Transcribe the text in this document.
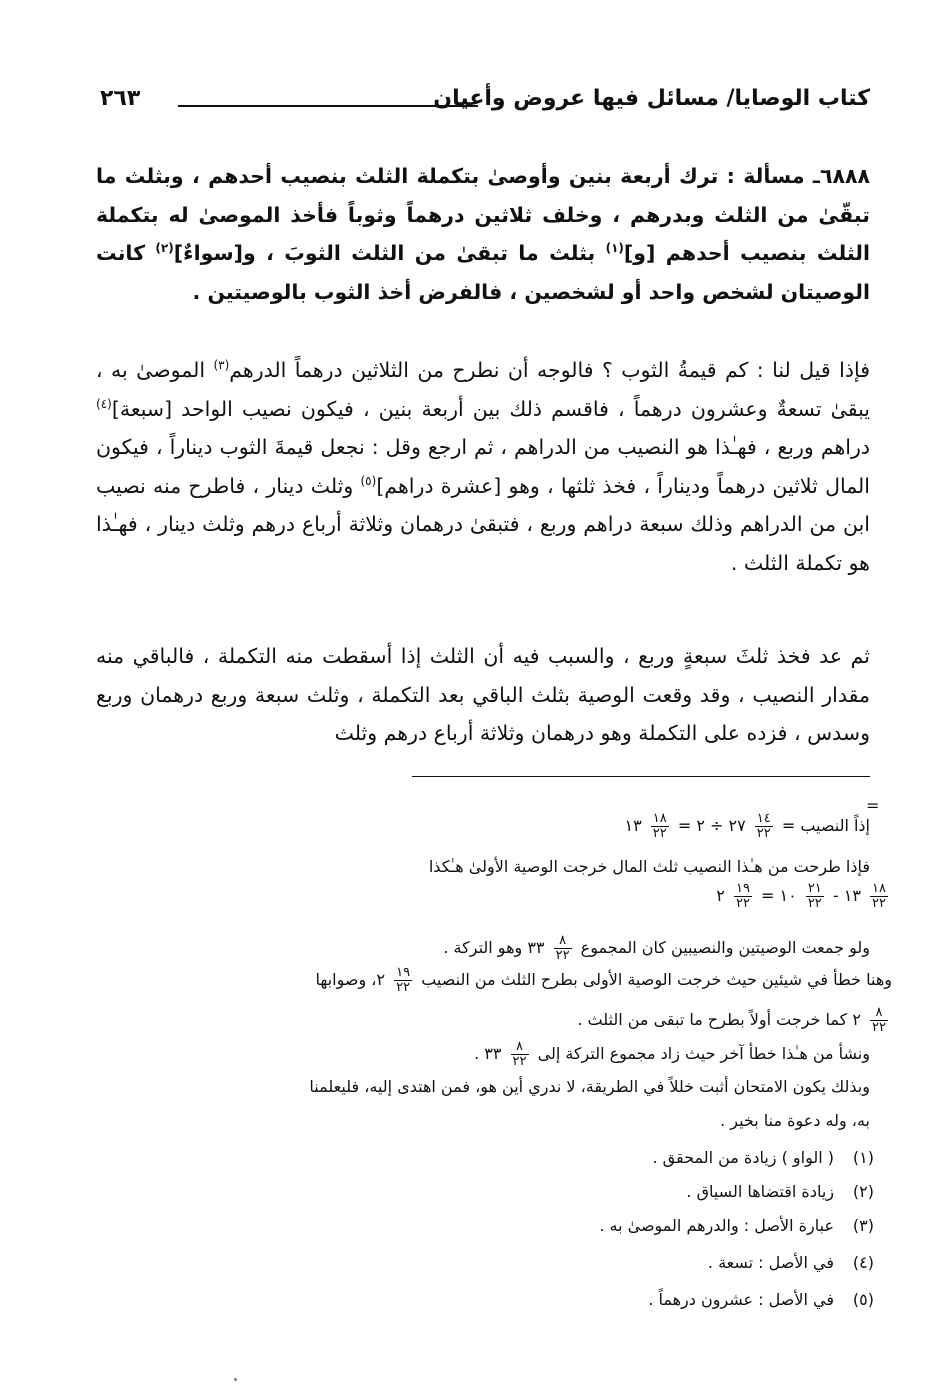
كتاب الوصايا/ مسائل فيها عروض وأعيان
٢٦٣

٦٨٨٨ـ مسألة : ترك أربعة بنين وأوصىٰ بتكملة الثلث بنصيب أحدهم ، وبثلث ما تبقّىٰ من الثلث وبدرهم ، وخلف ثلاثين درهماً وثوباً فأخذ الموصىٰ له بتكملة الثلث بنصيب أحدهم [و]$^{(١)}$ بثلث ما تبقىٰ من الثلث الثوبَ ، و[سواءٌ]$^{(٢)}$ كانت الوصيتان لشخص واحد أو لشخصين ، فالفرض أخذ الثوب بالوصيتين .

فإذا قيل لنا : كم قيمةُ الثوب ؟ فالوجه أن نطرح من الثلاثين درهماً الدرهم$^{(٣)}$ الموصىٰ به ، يبقىٰ تسعةٌ وعشرون درهماً ، فاقسم ذلك بين أربعة بنين ، فيكون نصيب الواحد [سبعة]$^{(٤)}$ دراهم وربع ، فهـٰذا هو النصيب من الدراهم ، ثم ارجع وقل : نجعل قيمةَ الثوب ديناراً ، فيكون المال ثلاثين درهماً وديناراً ، فخذ ثلثها ، وهو [عشرة دراهم]$^{(٥)}$ وثلث دينار ، فاطرح منه نصيب ابن من الدراهم وذلك سبعة دراهم وربع ، فتبقىٰ درهمان وثلاثة أرباع درهم وثلث دينار ، فهـٰذا هو تكملة الثلث .

ثم عد فخذ ثلثَ سبعةٍ وربع ، والسبب فيه أن الثلث إذا أسقطت منه التكملة ، فالباقي منه مقدار النصيب ، وقد وقعت الوصية بثلث الباقي بعد التكملة ، وثلث سبعة وربع درهمان وربع وسدس ، فزده على التكملة وهو درهمان وثلاثة أرباع درهم وثلث

=
إذاً النصيب =
$\frac{١٤}{٢٢}$
٢٧ ÷ ٢ =
$\frac{١٨}{٢٢}$
١٣
فإذا طرحت من هـٰذا النصيب ثلث المال خرجت الوصية الأولىٰ هـٰكذا
$\frac{١٨}{٢٢}$
١٣ -
$\frac{٢١}{٢٢}$
١٠ =
$\frac{١٩}{٢٢}$
٢
ولو جمعت الوصيتين والنصيبين كان المجموع
$\frac{٨}{٢٢}$
٣٣ وهو التركة .
وهنا خطأ في شيئين حيث خرجت الوصية الأولى بطرح الثلث من النصيب
$\frac{١٩}{٢٢}$
٢، وصوابها
$\frac{٨}{٢٢}$
٢ كما خرجت أولاً بطرح ما تبقى من الثلث .
ونشأ من هـٰذا خطأ آخر حيث زاد مجموع التركة إلى
$\frac{٨}{٢٢}$
٣٣ .
وبذلك يكون الامتحان أثبت خللاً في الطريقة، لا ندري أين هو، فمن اهتدى إليه، فليعلمنا
به، وله دعوة منا بخير .
(١)( الواو ) زيادة من المحقق .
(٢)زيادة اقتضاها السياق .
(٣)عبارة الأصل : والدرهم الموصىٰ به .
(٤)في الأصل : تسعة .
(٥)في الأصل : عشرون درهماً .
